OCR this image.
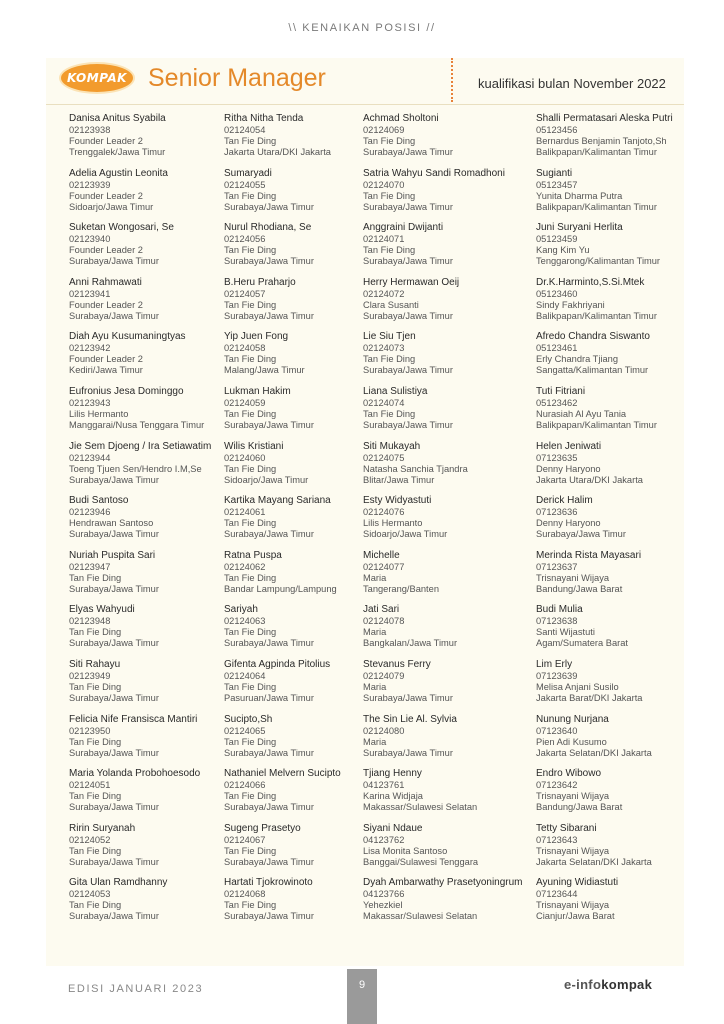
\\ KENAIKAN POSISI //
KOMPAK Senior Manager	kualifikasi bulan November 2022
Danisa Anitus Syabila
02123938
Founder Leader 2
Trenggalek/Jawa Timur
Adelia Agustin Leonita
02123939
Founder Leader 2
Sidoarjo/Jawa Timur
Suketan Wongosari, Se
02123940
Founder Leader 2
Surabaya/Jawa Timur
Anni Rahmawati
02123941
Founder Leader 2
Surabaya/Jawa Timur
Diah Ayu Kusumaningtyas
02123942
Founder Leader 2
Kediri/Jawa Timur
Eufronius Jesa Dominggo
02123943
Lilis Hermanto
Manggarai/Nusa Tenggara Timur
Jie Sem Djoeng / Ira Setiawatim
02123944
Toeng Tjuen Sen/Hendro I.M,Se
Surabaya/Jawa Timur
Budi Santoso
02123946
Hendrawan Santoso
Surabaya/Jawa Timur
Nuriah Puspita Sari
02123947
Tan Fie Ding
Surabaya/Jawa Timur
Elyas Wahyudi
02123948
Tan Fie Ding
Surabaya/Jawa Timur
Siti Rahayu
02123949
Tan Fie Ding
Surabaya/Jawa Timur
Felicia Nife Fransisca Mantiri
02123950
Tan Fie Ding
Surabaya/Jawa Timur
Maria Yolanda Probohoesodo
02124051
Tan Fie Ding
Surabaya/Jawa Timur
Ririn Suryanah
02124052
Tan Fie Ding
Surabaya/Jawa Timur
Gita Ulan Ramdhanny
02124053
Tan Fie Ding
Surabaya/Jawa Timur
Ritha Nitha Tenda
02124054
Tan Fie Ding
Jakarta Utara/DKI Jakarta
Sumaryadi
02124055
Tan Fie Ding
Surabaya/Jawa Timur
Nurul Rhodiana, Se
02124056
Tan Fie Ding
Surabaya/Jawa Timur
B.Heru Praharjo
02124057
Tan Fie Ding
Surabaya/Jawa Timur
Yip Juen Fong
02124058
Tan Fie Ding
Malang/Jawa Timur
Lukman Hakim
02124059
Tan Fie Ding
Surabaya/Jawa Timur
Wilis Kristiani
02124060
Tan Fie Ding
Sidoarjo/Jawa Timur
Kartika Mayang Sariana
02124061
Tan Fie Ding
Surabaya/Jawa Timur
Ratna Puspa
02124062
Tan Fie Ding
Bandar Lampung/Lampung
Sariyah
02124063
Tan Fie Ding
Surabaya/Jawa Timur
Gifenta Agpinda Pitolius
02124064
Tan Fie Ding
Pasuruan/Jawa Timur
Sucipto,Sh
02124065
Tan Fie Ding
Surabaya/Jawa Timur
Nathaniel Melvern Sucipto
02124066
Tan Fie Ding
Surabaya/Jawa Timur
Sugeng Prasetyo
02124067
Tan Fie Ding
Surabaya/Jawa Timur
Hartati Tjokrowinoto
02124068
Tan Fie Ding
Surabaya/Jawa Timur
Achmad Sholtoni
02124069
Tan Fie Ding
Surabaya/Jawa Timur
Satria Wahyu Sandi Romadhoni
02124070
Tan Fie Ding
Surabaya/Jawa Timur
Anggraini Dwijanti
02124071
Tan Fie Ding
Surabaya/Jawa Timur
Herry Hermawan Oeij
02124072
Clara Susanti
Surabaya/Jawa Timur
Lie Siu Tjen
02124073
Tan Fie Ding
Surabaya/Jawa Timur
Liana Sulistiya
02124074
Tan Fie Ding
Surabaya/Jawa Timur
Siti Mukayah
02124075
Natasha Sanchia Tjandra
Blitar/Jawa Timur
Esty Widyastuti
02124076
Lilis Hermanto
Sidoarjo/Jawa Timur
Michelle
02124077
Maria
Tangerang/Banten
Jati Sari
02124078
Maria
Bangkalan/Jawa Timur
Stevanus Ferry
02124079
Maria
Surabaya/Jawa Timur
The Sin Lie Al. Sylvia
02124080
Maria
Surabaya/Jawa Timur
Tjiang Henny
04123761
Karina Widjaja
Makassar/Sulawesi Selatan
Siyani Ndaue
04123762
Lisa Monita Santoso
Banggai/Sulawesi Tenggara
Dyah Ambarwathy Prasetyoningrum
04123766
Yehezkiel
Makassar/Sulawesi Selatan
Shalli Permatasari Aleska Putri
05123456
Bernardus Benjamin Tanjoto,Sh
Balikpapan/Kalimantan Timur
Sugianti
05123457
Yunita Dharma Putra
Balikpapan/Kalimantan Timur
Juni Suryani Herlita
05123459
Kang Kim Yu
Tenggarong/Kalimantan Timur
Dr.K.Harminto,S.Si.Mtek
05123460
Sindy Fakhriyani
Balikpapan/Kalimantan Timur
Afredo Chandra Siswanto
05123461
Erly Chandra Tjiang
Sangatta/Kalimantan Timur
Tuti Fitriani
05123462
Nurasiah Al Ayu Tania
Balikpapan/Kalimantan Timur
Helen Jeniwati
07123635
Denny Haryono
Jakarta Utara/DKI Jakarta
Derick Halim
07123636
Denny Haryono
Surabaya/Jawa Timur
Merinda Rista Mayasari
07123637
Trisnayani Wijaya
Bandung/Jawa Barat
Budi Mulia
07123638
Santi Wijastuti
Agam/Sumatera Barat
Lim Erly
07123639
Melisa Anjani Susilo
Jakarta Barat/DKI Jakarta
Nunung Nurjana
07123640
Pien Adi Kusumo
Jakarta Selatan/DKI Jakarta
Endro Wibowo
07123642
Trisnayani Wijaya
Bandung/Jawa Barat
Tetty Sibarani
07123643
Trisnayani Wijaya
Jakarta Selatan/DKI Jakarta
Ayuning Widiastuti
07123644
Trisnayani Wijaya
Cianjur/Jawa Barat
EDISI JANUARI 2023	9	e-infokompak
